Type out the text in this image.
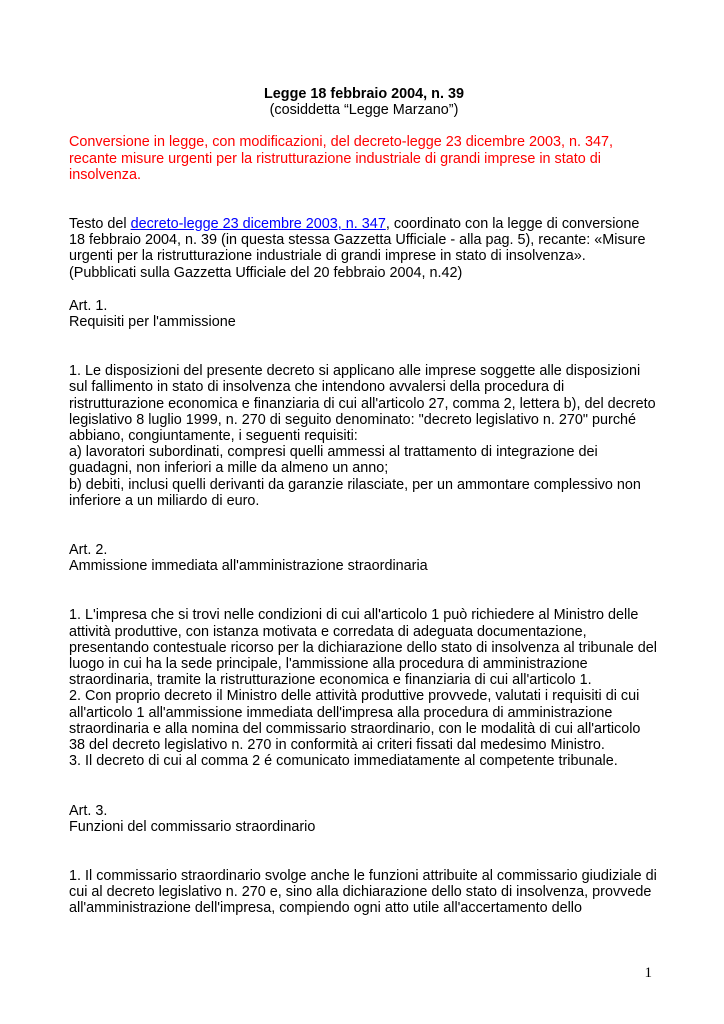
Legge 18 febbraio 2004, n. 39

(cosiddetta “Legge Marzano”)

Conversione in legge, con modificazioni, del decreto-legge 23 dicembre 2003, n. 347, recante misure urgenti per la ristrutturazione industriale di grandi imprese in stato di insolvenza.

Testo del decreto-legge 23 dicembre 2003, n. 347, coordinato con la legge di conversione 18 febbraio 2004, n. 39 (in questa stessa Gazzetta Ufficiale - alla pag. 5), recante: «Misure urgenti per la ristrutturazione industriale di grandi imprese in stato di insolvenza».

(Pubblicati sulla Gazzetta Ufficiale del 20 febbraio 2004, n.42)

Art. 1.

Requisiti per l'ammissione

1. Le disposizioni del presente decreto si applicano alle imprese soggette alle disposizioni sul fallimento in stato di insolvenza che intendono avvalersi della procedura di ristrutturazione economica e finanziaria di cui all'articolo 27, comma 2, lettera b), del decreto legislativo 8 luglio 1999, n. 270 di seguito denominato: "decreto legislativo n. 270" purché abbiano, congiuntamente, i seguenti requisiti:

a) lavoratori subordinati, compresi quelli ammessi al trattamento di integrazione dei guadagni, non inferiori a mille da almeno un anno;

b) debiti, inclusi quelli derivanti da garanzie rilasciate, per un ammontare complessivo non inferiore a un miliardo di euro.

Art. 2.

Ammissione immediata all'amministrazione straordinaria

1. L'impresa che si trovi nelle condizioni di cui all'articolo 1 può richiedere al Ministro delle attività produttive, con istanza motivata e corredata di adeguata documentazione, presentando contestuale ricorso per la dichiarazione dello stato di insolvenza al tribunale del luogo in cui ha la sede principale, l'ammissione alla procedura di amministrazione straordinaria, tramite la ristrutturazione economica e finanziaria di cui all'articolo 1.

2. Con proprio decreto il Ministro delle attività produttive provvede, valutati i requisiti di cui all'articolo 1 all'ammissione immediata dell'impresa alla procedura di amministrazione straordinaria e alla nomina del commissario straordinario, con le modalità di cui all'articolo 38 del decreto legislativo n. 270 in conformità ai criteri fissati dal medesimo Ministro.

3. Il decreto di cui al comma 2 é comunicato immediatamente al competente tribunale.

Art. 3.

Funzioni del commissario straordinario

1. Il commissario straordinario svolge anche le funzioni attribuite al commissario giudiziale di cui al decreto legislativo n. 270 e, sino alla dichiarazione dello stato di insolvenza, provvede all'amministrazione dell'impresa, compiendo ogni atto utile all'accertamento dello

1
